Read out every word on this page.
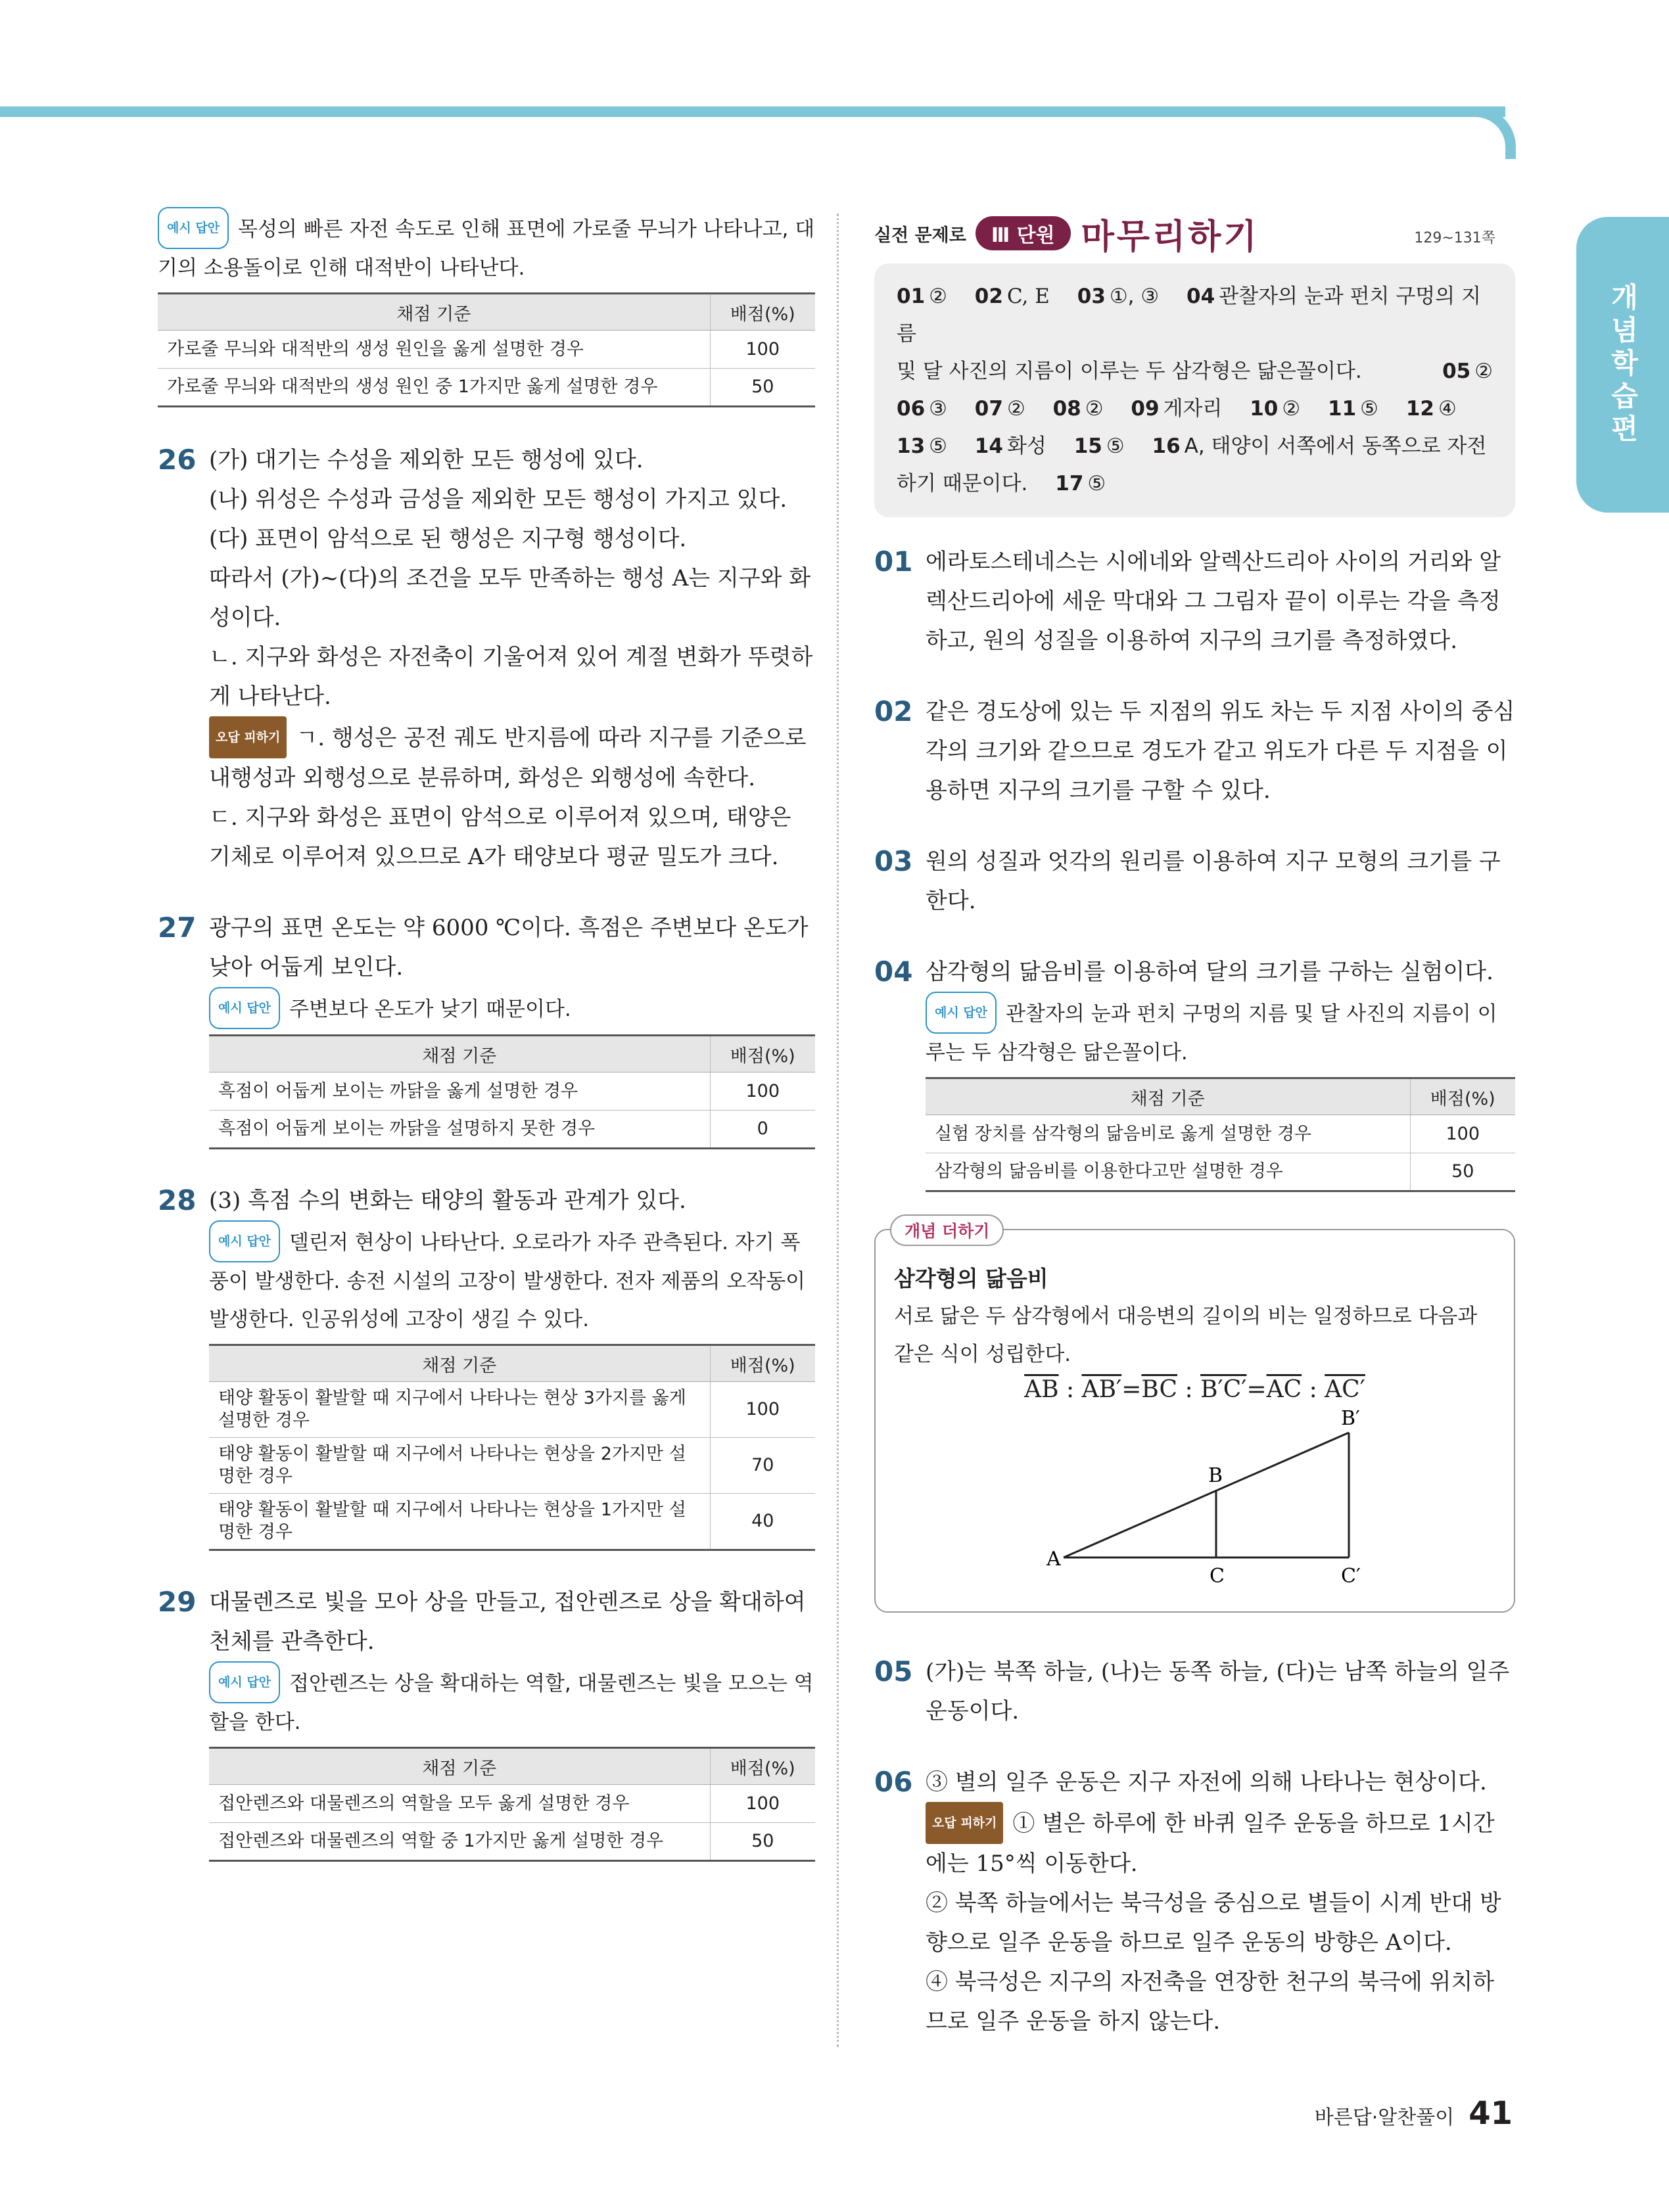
개념학습편

예시 답안 목성의 빠른 자전 속도로 인해 표면에 가로줄 무늬가 나타나고, 대기의 소용돌이로 인해 대적반이 나타난다.

채점 기준	배점(%)
가로줄 무늬와 대적반의 생성 원인을 옳게 설명한 경우	100
가로줄 무늬와 대적반의 생성 원인 중 1가지만 옳게 설명한 경우	50
26 (가) 대기는 수성을 제외한 모든 행성에 있다.

(나) 위성은 수성과 금성을 제외한 모든 행성이 가지고 있다.

(다) 표면이 암석으로 된 행성은 지구형 행성이다.

따라서 (가)~(다)의 조건을 모두 만족하는 행성 A는 지구와 화성이다.

ㄴ. 지구와 화성은 자전축이 기울어져 있어 계절 변화가 뚜렷하게 나타난다.

오답 피하기 ㄱ. 행성은 공전 궤도 반지름에 따라 지구를 기준으로 내행성과 외행성으로 분류하며, 화성은 외행성에 속한다.

ㄷ. 지구와 화성은 표면이 암석으로 이루어져 있으며, 태양은 기체로 이루어져 있으므로 A가 태양보다 평균 밀도가 크다.

27 광구의 표면 온도는 약 6000 ℃이다. 흑점은 주변보다 온도가 낮아 어둡게 보인다.

예시 답안 주변보다 온도가 낮기 때문이다.

채점 기준	배점(%)
흑점이 어둡게 보이는 까닭을 옳게 설명한 경우	100
흑점이 어둡게 보이는 까닭을 설명하지 못한 경우	0
28 (3) 흑점 수의 변화는 태양의 활동과 관계가 있다.

예시 답안 델린저 현상이 나타난다. 오로라가 자주 관측된다. 자기 폭풍이 발생한다. 송전 시설의 고장이 발생한다. 전자 제품의 오작동이 발생한다. 인공위성에 고장이 생길 수 있다.

채점 기준	배점(%)
태양 활동이 활발할 때 지구에서 나타나는 현상 3가지를 옳게 설명한 경우	100
태양 활동이 활발할 때 지구에서 나타나는 현상을 2가지만 설명한 경우	70
태양 활동이 활발할 때 지구에서 나타나는 현상을 1가지만 설명한 경우	40
29 대물렌즈로 빛을 모아 상을 만들고, 접안렌즈로 상을 확대하여 천체를 관측한다.

예시 답안 접안렌즈는 상을 확대하는 역할, 대물렌즈는 빛을 모으는 역할을 한다.

채점 기준	배점(%)
접안렌즈와 대물렌즈의 역할을 모두 옳게 설명한 경우	100
접안렌즈와 대물렌즈의 역할 중 1가지만 옳게 설명한 경우	50
실전 문제로	Ⅲ 단원 마무리하기	129~131쪽
01 ② 02 C, E 03 ①, ③ 04 관찰자의 눈과 펀치 구멍의 지름
및 달 사진의 지름이 이루는 두 삼각형은 닮은꼴이다.	05 ②
06 ③ 07 ② 08 ② 09 게자리 10 ② 11 ⑤ 12 ④
13 ⑤ 14 화성 15 ⑤ 16 A, 태양이 서쪽에서 동쪽으로 자전
하기 때문이다. 17 ⑤
01 에라토스테네스는 시에네와 알렉산드리아 사이의 거리와 알렉산드리아에 세운 막대와 그 그림자 끝이 이루는 각을 측정하고, 원의 성질을 이용하여 지구의 크기를 측정하였다.

02 같은 경도상에 있는 두 지점의 위도 차는 두 지점 사이의 중심각의 크기와 같으므로 경도가 같고 위도가 다른 두 지점을 이용하면 지구의 크기를 구할 수 있다.

03 원의 성질과 엇각의 원리를 이용하여 지구 모형의 크기를 구한다.

04 삼각형의 닮음비를 이용하여 달의 크기를 구하는 실험이다.

예시 답안 관찰자의 눈과 펀치 구멍의 지름 및 달 사진의 지름이 이루는 두 삼각형은 닮은꼴이다.

채점 기준	배점(%)
실험 장치를 삼각형의 닮음비로 옳게 설명한 경우	100
삼각형의 닮음비를 이용한다고만 설명한 경우	50
개념 더하기

삼각형의 닮음비

서로 닮은 두 삼각형에서 대응변의 길이의 비는 일정하므로 다음과 같은 식이 성립한다.

$\overline{AB}$ : $AB'=\overline{BC}$ : $B'C'=\overline{AC}$ : AC′

A
B
B′
C	C′
05 (가)는 북쪽 하늘, (나)는 동쪽 하늘, (다)는 남쪽 하늘의 일주 운동이다.

06 ③ 별의 일주 운동은 지구 자전에 의해 나타나는 현상이다.

오답 피하기 ① 별은 하루에 한 바퀴 일주 운동을 하므로 1시간에는 15°씩 이동한다.

② 북쪽 하늘에서는 북극성을 중심으로 별들이 시계 반대 방향으로 일주 운동을 하므로 일주 운동의 방향은 A이다.

④ 북극성은 지구의 자전축을 연장한 천구의 북극에 위치하므로 일주 운동을 하지 않는다.

바른답·알찬풀이 41
